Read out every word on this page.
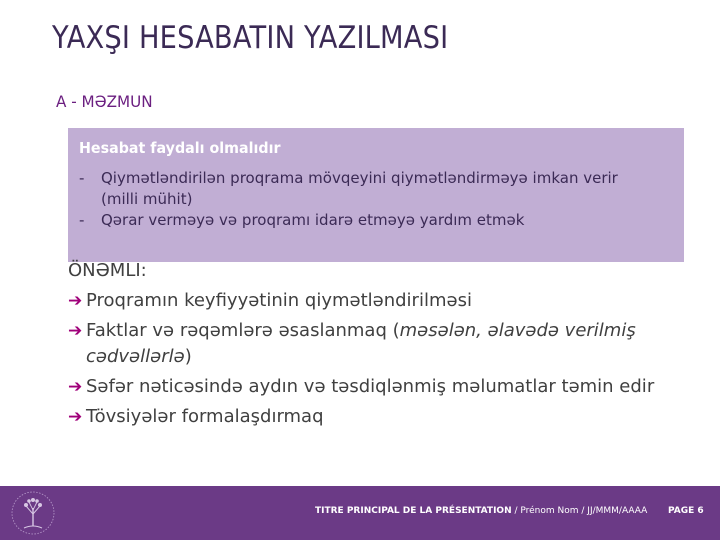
YAXŞI HESABATIN YAZILMASI
A - MƏZMUN
Hesabat faydalı olmalıdır
- Qiymətləndirilən proqrama mövqeyini qiymətləndirməyə imkan verir (milli mühit)
- Qərar verməyə və proqramı idarə etməyə yardım etmək
ÖNƏMLI:
➔ Proqramın keyfiyyətinin qiymətləndirilməsi
➔ Faktlar və rəqəmlərə əsaslanmaq (məsələn, əlavədə verilmiş cədvəllərlə)
➔ Səfər nəticəsində aydın və təsdiqlənmiş məlumatlar təmin edir
➔ Tövsiyələr formalaşdırmaq
TITRE PRINCIPAL DE LA PRÉSENTATION / Prénom Nom / JJ/MMM/AAAA PAGE 6
